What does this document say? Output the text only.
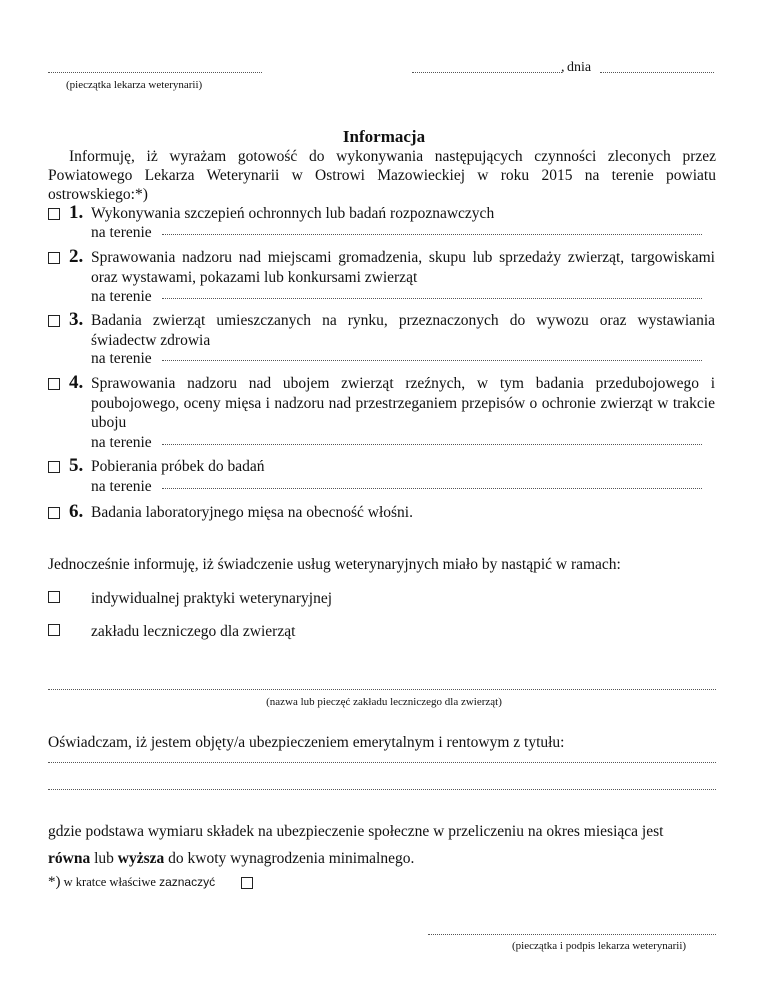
(pieczątka lekarza weterynarii)
, dnia
Informacja
Informuję, iż wyrażam gotowość do wykonywania następujących czynności zleconych przez Powiatowego Lekarza Weterynarii w Ostrowi Mazowieckiej w roku 2015 na terenie powiatu ostrowskiego:*)
1. Wykonywania szczepień ochronnych lub badań rozpoznawczych
na terenie
2. Sprawowania nadzoru nad miejscami gromadzenia, skupu lub sprzedaży zwierząt, targowiskami oraz wystawami, pokazami lub konkursami zwierząt
na terenie
3. Badania zwierząt umieszczanych na rynku, przeznaczonych do wywozu oraz wystawiania świadectw zdrowia
na terenie
4. Sprawowania nadzoru nad ubojem zwierząt rzeźnych, w tym badania przedubojowego i poubojowego, oceny mięsa i nadzoru nad przestrzeganiem przepisów o ochronie zwierząt w trakcie uboju
na terenie
5. Pobierania próbek do badań
na terenie
6. Badania laboratoryjnego mięsa na obecność włośni.
Jednocześnie informuję, iż świadczenie usług weterynaryjnych miało by nastąpić w ramach:
indywidualnej praktyki weterynaryjnej
zakładu leczniczego dla zwierząt
(nazwa lub pieczęć zakładu leczniczego dla zwierząt)
Oświadczam, iż jestem objęty/a ubezpieczeniem emerytalnym i rentowym z tytułu:
gdzie podstawa wymiaru składek na ubezpieczenie społeczne w przeliczeniu na okres miesiąca jest
równa lub wyższa do kwoty wynagrodzenia minimalnego.
*) w kratce właściwe zaznaczyć
(pieczątka i podpis lekarza weterynarii)
